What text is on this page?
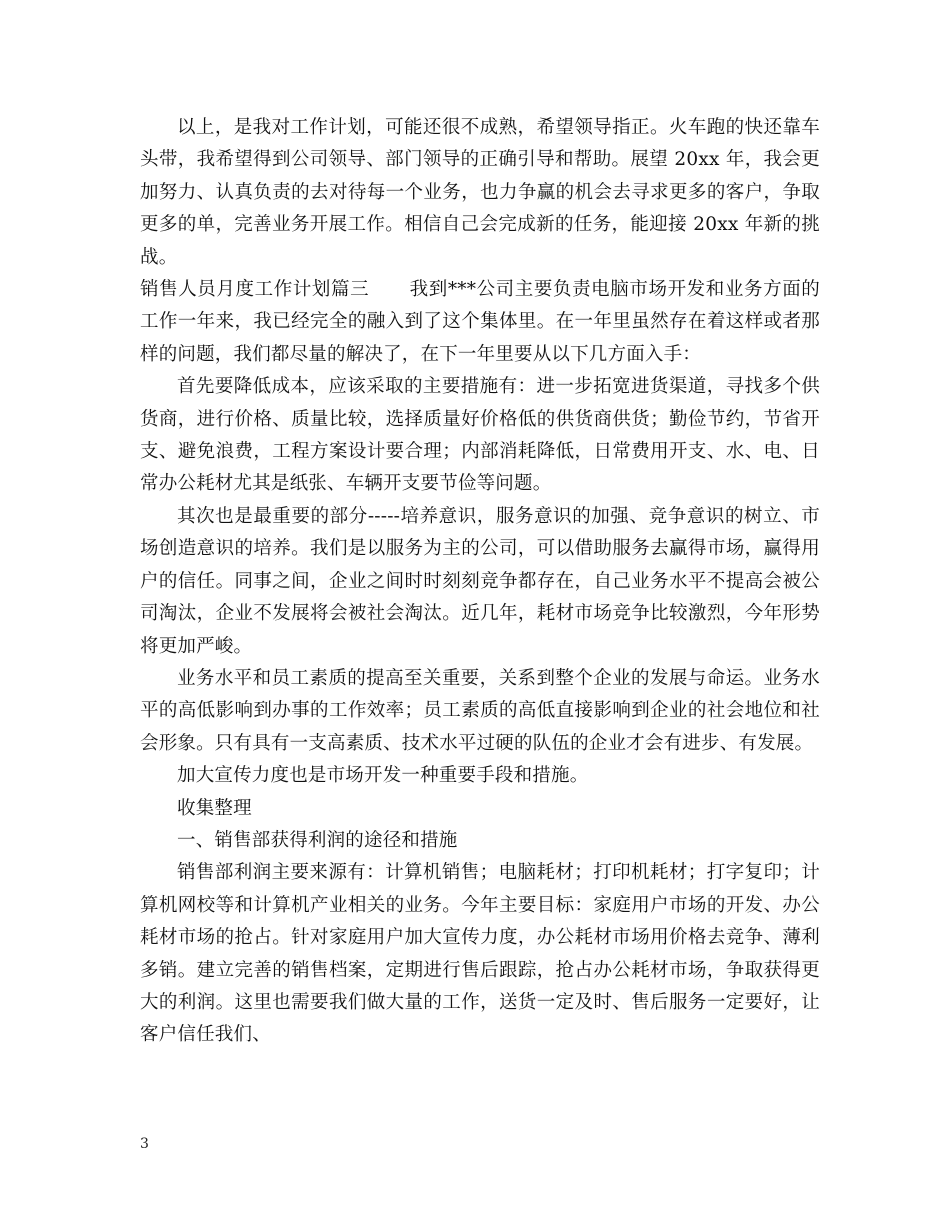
以上，是我对工作计划，可能还很不成熟，希望领导指正。火车跑的快还靠车头带，我希望得到公司领导、部门领导的正确引导和帮助。展望 20xx 年，我会更加努力、认真负责的去对待每一个业务，也力争赢的机会去寻求更多的客户，争取更多的单，完善业务开展工作。相信自己会完成新的任务，能迎接 20xx 年新的挑战。

销售人员月度工作计划篇三 我到***公司主要负责电脑市场开发和业务方面的工作一年来，我已经完全的融入到了这个集体里。在一年里虽然存在着这样或者那样的问题，我们都尽量的解决了，在下一年里要从以下几方面入手：

首先要降低成本，应该采取的主要措施有：进一步拓宽进货渠道，寻找多个供货商，进行价格、质量比较，选择质量好价格低的供货商供货；勤俭节约，节省开支、避免浪费，工程方案设计要合理；内部消耗降低，日常费用开支、水、电、日常办公耗材尤其是纸张、车辆开支要节俭等问题。

其次也是最重要的部分-----培养意识，服务意识的加强、竞争意识的树立、市场创造意识的培养。我们是以服务为主的公司，可以借助服务去赢得市场，赢得用户的信任。同事之间，企业之间时时刻刻竞争都存在，自己业务水平不提高会被公司淘汰，企业不发展将会被社会淘汰。近几年，耗材市场竞争比较激烈，今年形势将更加严峻。

业务水平和员工素质的提高至关重要，关系到整个企业的发展与命运。业务水平的高低影响到办事的工作效率；员工素质的高低直接影响到企业的社会地位和社会形象。只有具有一支高素质、技术水平过硬的队伍的企业才会有进步、有发展。

加大宣传力度也是市场开发一种重要手段和措施。

收集整理

一、销售部获得利润的途径和措施

销售部利润主要来源有：计算机销售；电脑耗材；打印机耗材；打字复印；计算机网校等和计算机产业相关的业务。今年主要目标：家庭用户市场的开发、办公耗材市场的抢占。针对家庭用户加大宣传力度，办公耗材市场用价格去竞争、薄利多销。建立完善的销售档案，定期进行售后跟踪，抢占办公耗材市场，争取获得更大的利润。这里也需要我们做大量的工作，送货一定及时、售后服务一定要好，让客户信任我们、

3
